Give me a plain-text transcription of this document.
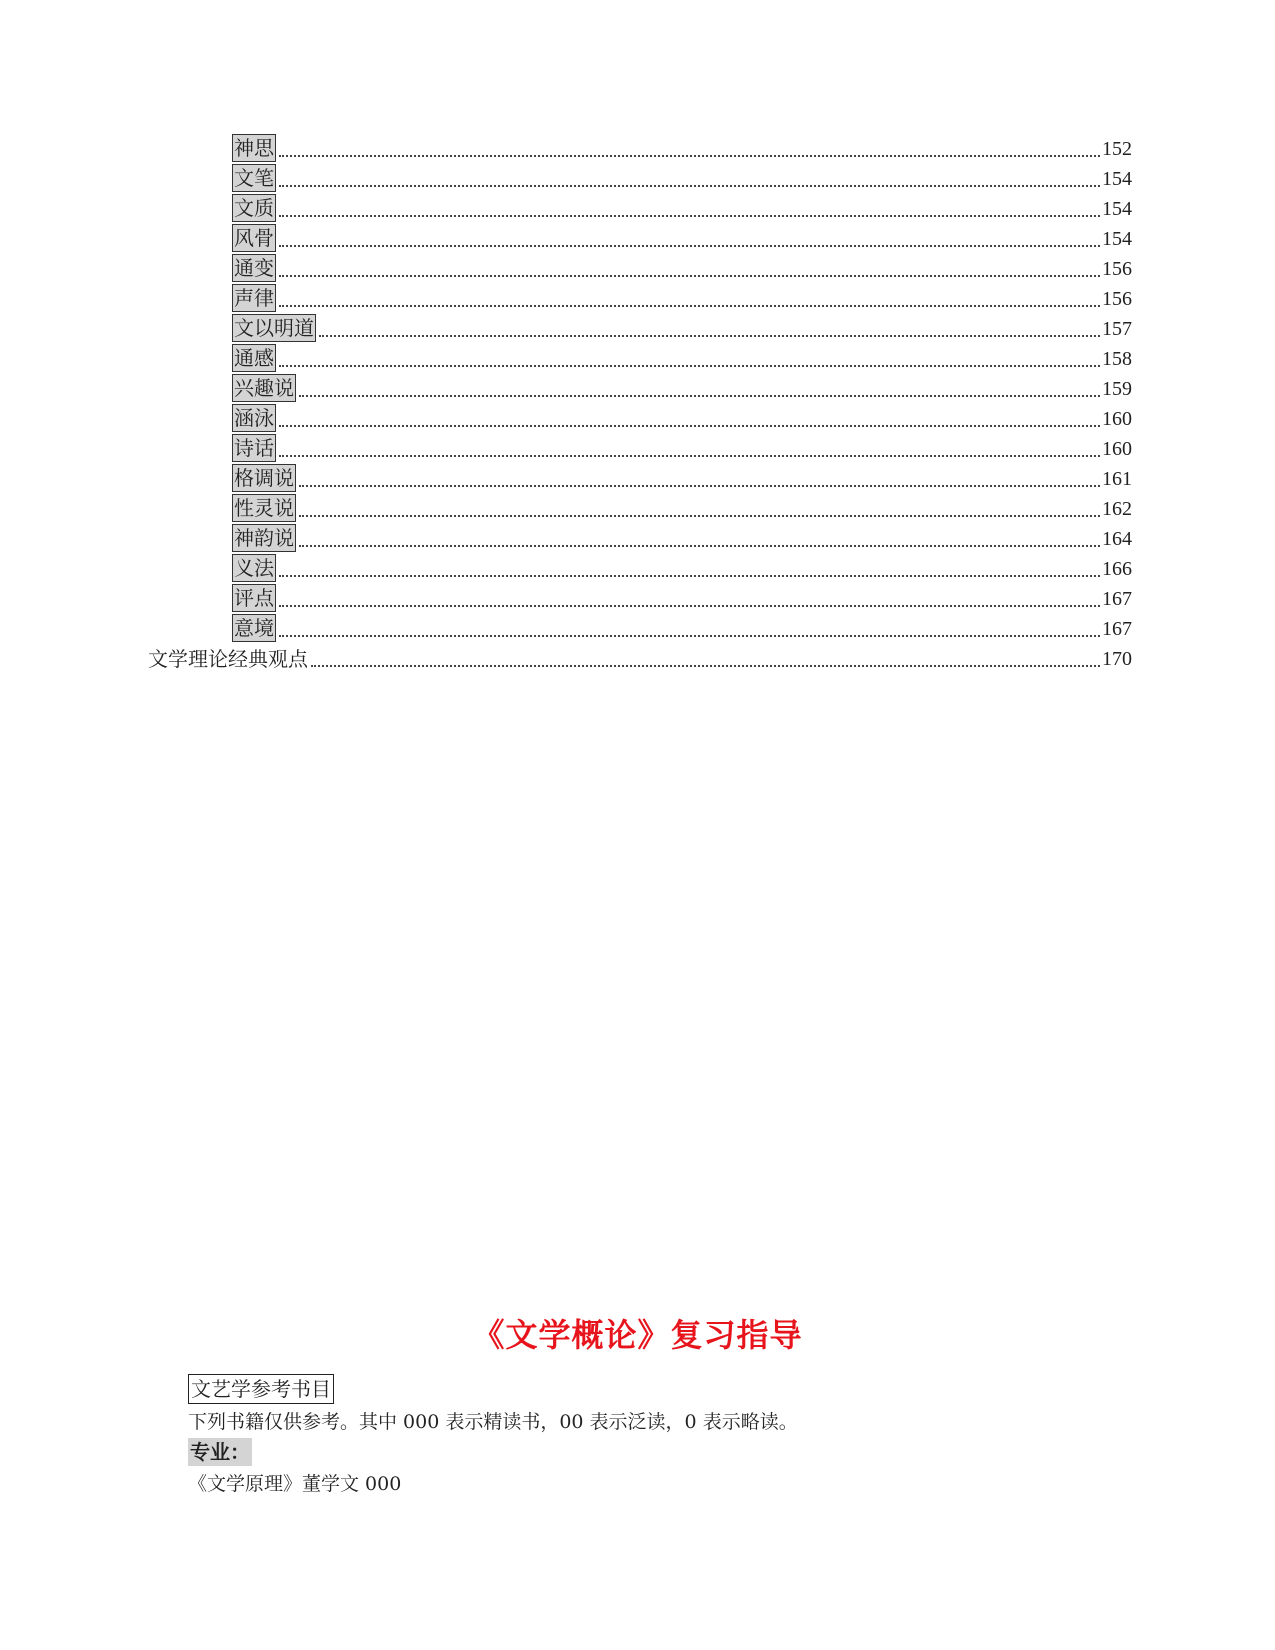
神思	152
文笔	154
文质	154
风骨	154
通变	156
声律	156
文以明道	157
通感	158
兴趣说	159
涵泳	160
诗话	160
格调说	161
性灵说	162
神韵说	164
义法	166
评点	167
意境	167
文学理论经典观点	170
《文学概论》复习指导
文艺学参考书目
下列书籍仅供参考。其中 000 表示精读书，00 表示泛读，0 表示略读。
专业：
《文学原理》董学文 000
